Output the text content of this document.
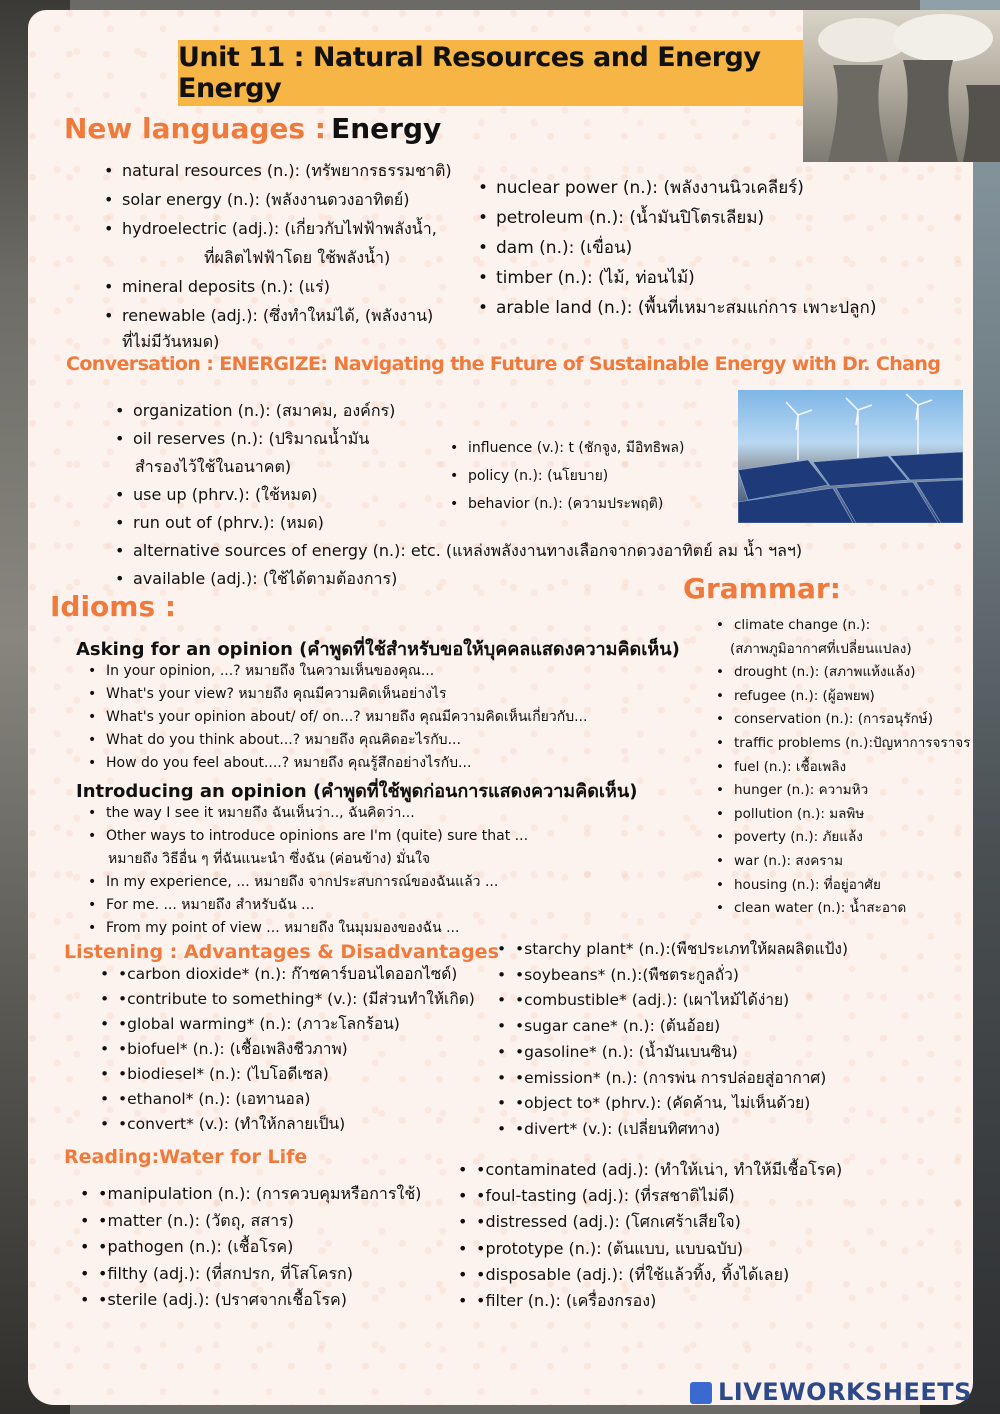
Unit 11 : Natural Resources and Energy Energy
New languages : Energy
• natural resources (n.): (ทรัพยากรธรรมชาติ)
• solar energy (n.): (พลังงานดวงอาทิตย์)
• hydroelectric (adj.): (เกี่ยวกับไฟฟ้าพลังน้ำ,
ที่ผลิตไฟฟ้าโดย ใช้พลังน้ำ)
• mineral deposits (n.): (แร่)
• renewable (adj.): (ซึ่งทำใหม่ได้, (พลังงาน)
ที่ไม่มีวันหมด)
• nuclear power (n.): (พลังงานนิวเคลียร์)
• petroleum (n.): (น้ำมันปิโตรเลียม)
• dam (n.): (เขื่อน)
• timber (n.): (ไม้, ท่อนไม้)
• arable land (n.): (พื้นที่เหมาะสมแก่การ เพาะปลูก)
Conversation : ENERGIZE: Navigating the Future of Sustainable Energy with Dr. Chang
• organization (n.): (สมาคม, องค์กร)
• oil reserves (n.): (ปริมาณน้ำมัน
สำรองไว้ใช้ในอนาคต)
• use up (phrv.): (ใช้หมด)
• run out of (phrv.): (หมด)
• alternative sources of energy (n.): etc. (แหล่งพลังงานทางเลือกจากดวงอาทิตย์ ลม น้ำ ฯลฯ)
• available (adj.): (ใช้ได้ตามต้องการ)
• influence (v.): t (ชักจูง, มีอิทธิพล)
• policy (n.): (นโยบาย)
• behavior (n.): (ความประพฤติ)
Idioms :
Asking for an opinion (คำพูดที่ใช้สำหรับขอให้บุคคลแสดงความคิดเห็น)
• In your opinion, ...? หมายถึง ในความเห็นของคุณ...
• What's your view? หมายถึง คุณมีความคิดเห็นอย่างไร
• What's your opinion about/ of/ on...? หมายถึง คุณมีความคิดเห็นเกี่ยวกับ...
• What do you think about...? หมายถึง คุณคิดอะไรกับ...
• How do you feel about....? หมายถึง คุณรู้สึกอย่างไรกับ...
Introducing an opinion (คำพูดที่ใช้พูดก่อนการแสดงความคิดเห็น)
• the way I see it หมายถึง ฉันเห็นว่า.., ฉันคิดว่า...
• Other ways to introduce opinions are I'm (quite) sure that ...
หมายถึง วิธีอื่น ๆ ที่ฉันแนะนำ ซึ่งฉัน (ค่อนข้าง) มั่นใจ
• In my experience, ... หมายถึง จากประสบการณ์ของฉันแล้ว ...
• For me. ... หมายถึง สำหรับฉัน ...
• From my point of view ... หมายถึง ในมุมมองของฉัน ...
Grammar:
• climate change (n.):
(สภาพภูมิอากาศที่เปลี่ยนแปลง)
• drought (n.): (สภาพแห้งแล้ง)
• refugee (n.): (ผู้อพยพ)
• conservation (n.): (การอนุรักษ์)
• traffic problems (n.):ปัญหาการจราจร
• fuel (n.): เชื้อเพลิง
• hunger (n.): ความหิว
• pollution (n.): มลพิษ
• poverty (n.): ภัยแล้ง
• war (n.): สงคราม
• housing (n.): ที่อยู่อาศัย
• clean water (n.): น้ำสะอาด
Listening : Advantages & Disadvantages
• •carbon dioxide* (n.): ก๊าซคาร์บอนไดออกไซด์)
• •contribute to something* (v.): (มีส่วนทำให้เกิด)
• •global warming* (n.): (ภาวะโลกร้อน)
• •biofuel* (n.): (เชื้อเพลิงชีวภาพ)
• •biodiesel* (n.): (ไบโอดีเซล)
• •ethanol* (n.): (เอทานอล)
• •convert* (v.): (ทำให้กลายเป็น)
• •starchy plant* (n.):(พืชประเภทให้ผลผลิตแป้ง)
• •soybeans* (n.):(พืชตระกูลถั่ว)
• •combustible* (adj.): (เผาไหม้ได้ง่าย)
• •sugar cane* (n.): (ต้นอ้อย)
• •gasoline* (n.): (น้ำมันเบนซิน)
• •emission* (n.): (การพ่น การปล่อยสู่อากาศ)
• •object to* (phrv.): (คัดค้าน, ไม่เห็นด้วย)
• •divert* (v.): (เปลี่ยนทิศทาง)
Reading:Water for Life
• •manipulation (n.): (การควบคุมหรือการใช้)
• •matter (n.): (วัตถุ, สสาร)
• •pathogen (n.): (เชื้อโรค)
• •filthy (adj.): (ที่สกปรก, ที่โสโครก)
• •sterile (adj.): (ปราศจากเชื้อโรค)
• •contaminated (adj.): (ทำให้เน่า, ทำให้มีเชื้อโรค)
• •foul-tasting (adj.): (ที่รสชาติไม่ดี)
• •distressed (adj.): (โศกเศร้าเสียใจ)
• •prototype (n.): (ต้นแบบ, แบบฉบับ)
• •disposable (adj.): (ที่ใช้แล้วทิ้ง, ทิ้งได้เลย)
• •filter (n.): (เครื่องกรอง)
LIVEWORKSHEETS
